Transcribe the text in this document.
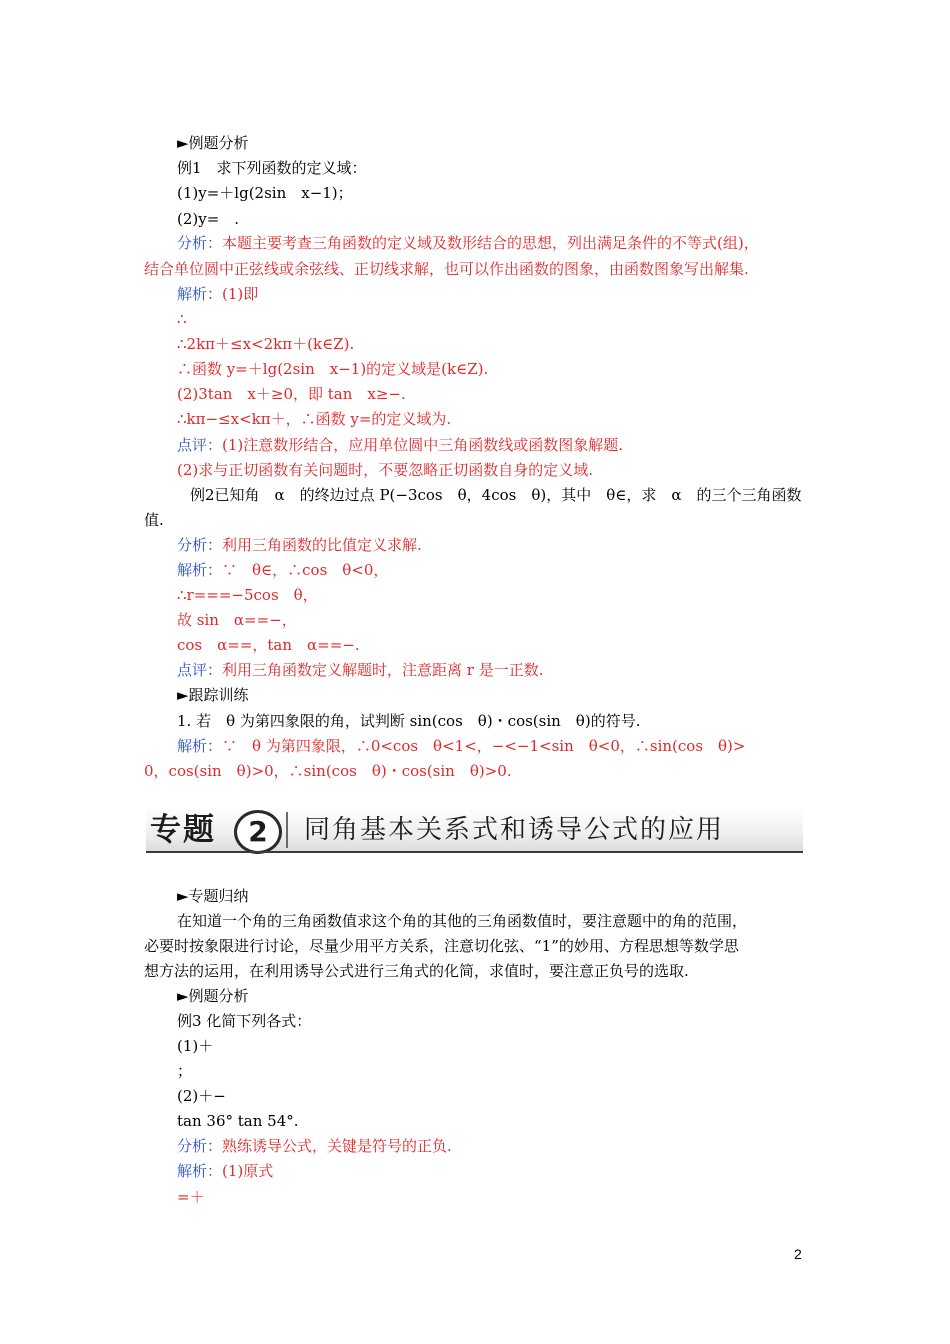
►例题分析
例1　求下列函数的定义域：
(1)y=＋lg(2sin　x−1)；
(2)y=　.
分析：本题主要考查三角函数的定义域及数形结合的思想，列出满足条件的不等式(组)，
结合单位圆中正弦线或余弦线、正切线求解，也可以作出函数的图象，由函数图象写出解集.
解析：(1)即
∴
∴2kπ＋≤x<2kπ＋(k∈Z).
∴函数 y=＋lg(2sin　x−1)的定义域是(k∈Z).
(2)3tan　x＋≥0，即 tan　x≥−.
∴kπ−≤x<kπ＋，∴函数 y=的定义域为.
点评：(1)注意数形结合，应用单位圆中三角函数线或函数图象解题.
(2)求与正切函数有关问题时，不要忽略正切函数自身的定义域.
例2已知角　α　的终边过点 P(−3cos　θ，4cos　θ)，其中　θ∈，求　α　的三个三角函数
值.
分析：利用三角函数的比值定义求解.
解析：∵　θ∈，∴cos　θ<0，
∴r===−5cos　θ，
故 sin　α==−，
cos　α==，tan　α==−.
点评：利用三角函数定义解题时，注意距离 r 是一正数.
►跟踪训练
1. 若　θ 为第四象限的角，试判断 sin(cos　θ)・cos(sin　θ)的符号.
解析：∵　θ 为第四象限，∴0<cos　θ<1<，−<−1<sin　θ<0，∴sin(cos　θ)>
0，cos(sin　θ)>0，∴sin(cos　θ)・cos(sin　θ)>0.
►专题归纳
在知道一个角的三角函数值求这个角的其他的三角函数值时，要注意题中的角的范围，
必要时按象限进行讨论，尽量少用平方关系，注意切化弦、“1”的妙用、方程思想等数学思
想方法的运用，在利用诱导公式进行三角式的化简，求值时，要注意正负号的选取.
►例题分析
例3 化简下列各式：
(1)＋
；
(2)＋−
tan 36° tan 54°.
分析：熟练诱导公式，关键是符号的正负.
解析：(1)原式
=＋
专题	2	同角基本关系式和诱导公式的应用
2
